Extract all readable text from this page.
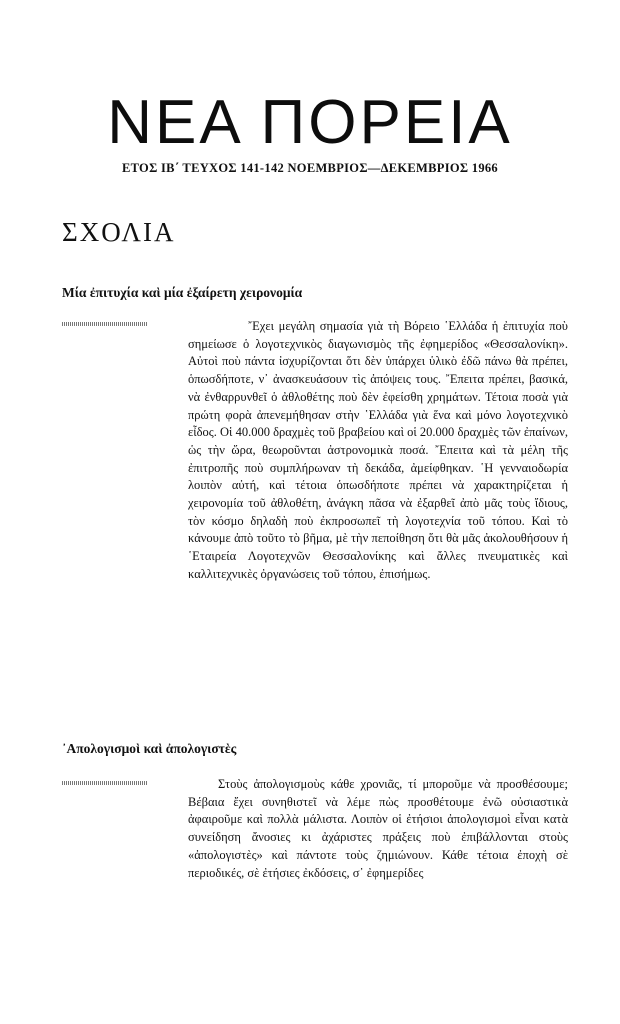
ΝΕΑ ΠΟΡΕΙΑ
ΕΤΟΣ ΙΒ΄ ΤΕΥΧΟΣ 141-142 ΝΟΕΜΒΡΙΟΣ—ΔΕΚΕΜΒΡΙΟΣ 1966
ΣΧΟΛΙΑ
Μία ἐπιτυχία καὶ μία ἐξαίρετη χειρονομία

῎Εχει μεγάλη σημασία γιὰ τὴ Βόρειο ῾Ελλάδα ἡ ἐπιτυχία ποὺ σημείωσε ὁ λογοτεχνικὸς διαγωνισμὸς τῆς ἐφημερίδος «Θεσσαλονίκη». Αὐτοὶ ποὺ πάντα ἰσχυρίζονται ὅτι δὲν ὑπάρχει ὑλικὸ ἐδῶ πάνω θὰ πρέπει, ὁπωσδήποτε, ν᾽ ἀνασκευάσουν τὶς ἀπόψεις τους. ῎Επειτα πρέπει, βασικά, νὰ ἐνθαρρυνθεῖ ὁ ἀθλοθέτης ποὺ δὲν ἐφείσθη χρημάτων. Τέτοια ποσὰ γιὰ πρώτη φορὰ ἀπενεμήθησαν στὴν ῾Ελλάδα γιὰ ἕνα καὶ μόνο λογοτεχνικὸ εἶδος. Οἱ 40.000 δραχμὲς τοῦ βραβείου καὶ οἱ 20.000 δραχμὲς τῶν ἐπαίνων, ὡς τὴν ὥρα, θεωροῦνται ἀστρονομικὰ ποσά. ῎Επειτα καὶ τὰ μέλη τῆς ἐπιτροπῆς ποὺ συμπλήρωναν τὴ δεκάδα, ἀμείφθηκαν. ῾Η γενναιοδωρία λοιπὸν αὐτή, καὶ τέτοια ὁπωσδήποτε πρέπει νὰ χαρακτηρίζεται ἡ χειρονομία τοῦ ἀθλοθέτη, ἀνάγκη πᾶσα νὰ ἐξαρθεῖ ἀπὸ μᾶς τοὺς ἴδιους, τὸν κόσμο δηλαδὴ ποὺ ἐκπροσωπεῖ τὴ λογοτεχνία τοῦ τόπου. Καὶ τὸ κάνουμε ἀπὸ τοῦτο τὸ βῆμα, μὲ τὴν πεποίθηση ὅτι θὰ μᾶς ἀκολουθήσουν ἡ ῾Εταιρεία Λογοτεχνῶν Θεσσαλονίκης καὶ ἄλλες πνευματικὲς καὶ καλλιτεχνικὲς ὀργανώσεις τοῦ τόπου, ἐπισήμως.

᾽Απολογισμοὶ καὶ ἀπολογιστὲς

Στοὺς ἀπολογισμοὺς κάθε χρονιᾶς, τί μποροῦμε νὰ προσθέσουμε; Βέβαια ἔχει συνηθιστεῖ νὰ λέμε πὼς προσθέτουμε ἐνῶ οὐσιαστικὰ ἀφαιροῦμε καὶ πολλὰ μάλιστα. Λοιπὸν οἱ ἐτήσιοι ἀπολογισμοὶ εἶναι κατὰ συνείδηση ἄνοσιες κι ἀχάριστες πράξεις ποὺ ἐπιβάλλονται στοὺς «ἀπολογιστὲς» καὶ πάντοτε τοὺς ζημιώνουν. Κάθε τέτοια ἐποχὴ σὲ περιοδικές, σὲ ἐτήσιες ἐκδόσεις, σ᾽ ἐφημερίδες
